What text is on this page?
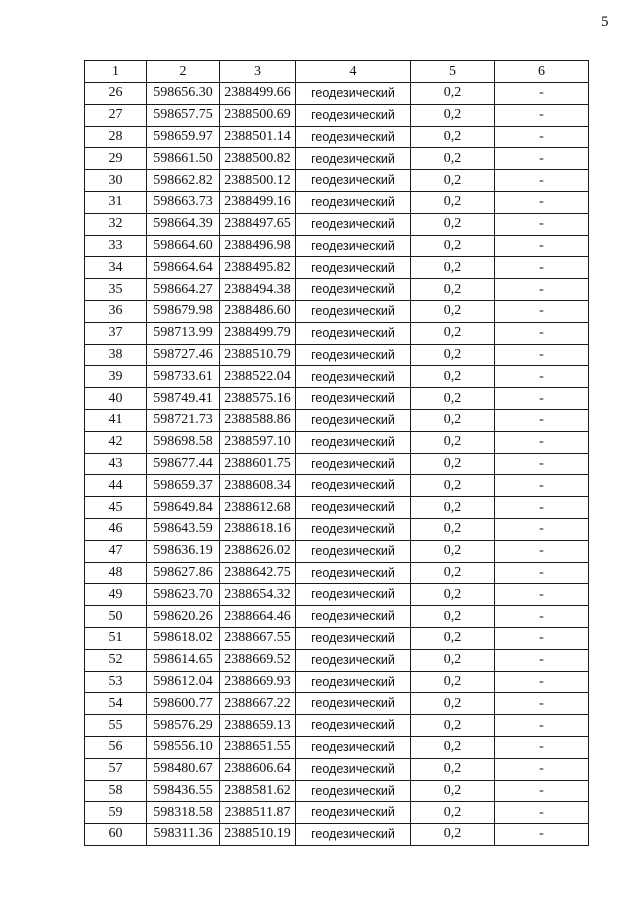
5
1	2	3	4	5	6
26	598656.30	2388499.66	геодезический	0,2	-
27	598657.75	2388500.69	геодезический	0,2	-
28	598659.97	2388501.14	геодезический	0,2	-
29	598661.50	2388500.82	геодезический	0,2	-
30	598662.82	2388500.12	геодезический	0,2	-
31	598663.73	2388499.16	геодезический	0,2	-
32	598664.39	2388497.65	геодезический	0,2	-
33	598664.60	2388496.98	геодезический	0,2	-
34	598664.64	2388495.82	геодезический	0,2	-
35	598664.27	2388494.38	геодезический	0,2	-
36	598679.98	2388486.60	геодезический	0,2	-
37	598713.99	2388499.79	геодезический	0,2	-
38	598727.46	2388510.79	геодезический	0,2	-
39	598733.61	2388522.04	геодезический	0,2	-
40	598749.41	2388575.16	геодезический	0,2	-
41	598721.73	2388588.86	геодезический	0,2	-
42	598698.58	2388597.10	геодезический	0,2	-
43	598677.44	2388601.75	геодезический	0,2	-
44	598659.37	2388608.34	геодезический	0,2	-
45	598649.84	2388612.68	геодезический	0,2	-
46	598643.59	2388618.16	геодезический	0,2	-
47	598636.19	2388626.02	геодезический	0,2	-
48	598627.86	2388642.75	геодезический	0,2	-
49	598623.70	2388654.32	геодезический	0,2	-
50	598620.26	2388664.46	геодезический	0,2	-
51	598618.02	2388667.55	геодезический	0,2	-
52	598614.65	2388669.52	геодезический	0,2	-
53	598612.04	2388669.93	геодезический	0,2	-
54	598600.77	2388667.22	геодезический	0,2	-
55	598576.29	2388659.13	геодезический	0,2	-
56	598556.10	2388651.55	геодезический	0,2	-
57	598480.67	2388606.64	геодезический	0,2	-
58	598436.55	2388581.62	геодезический	0,2	-
59	598318.58	2388511.87	геодезический	0,2	-
60	598311.36	2388510.19	геодезический	0,2	-
